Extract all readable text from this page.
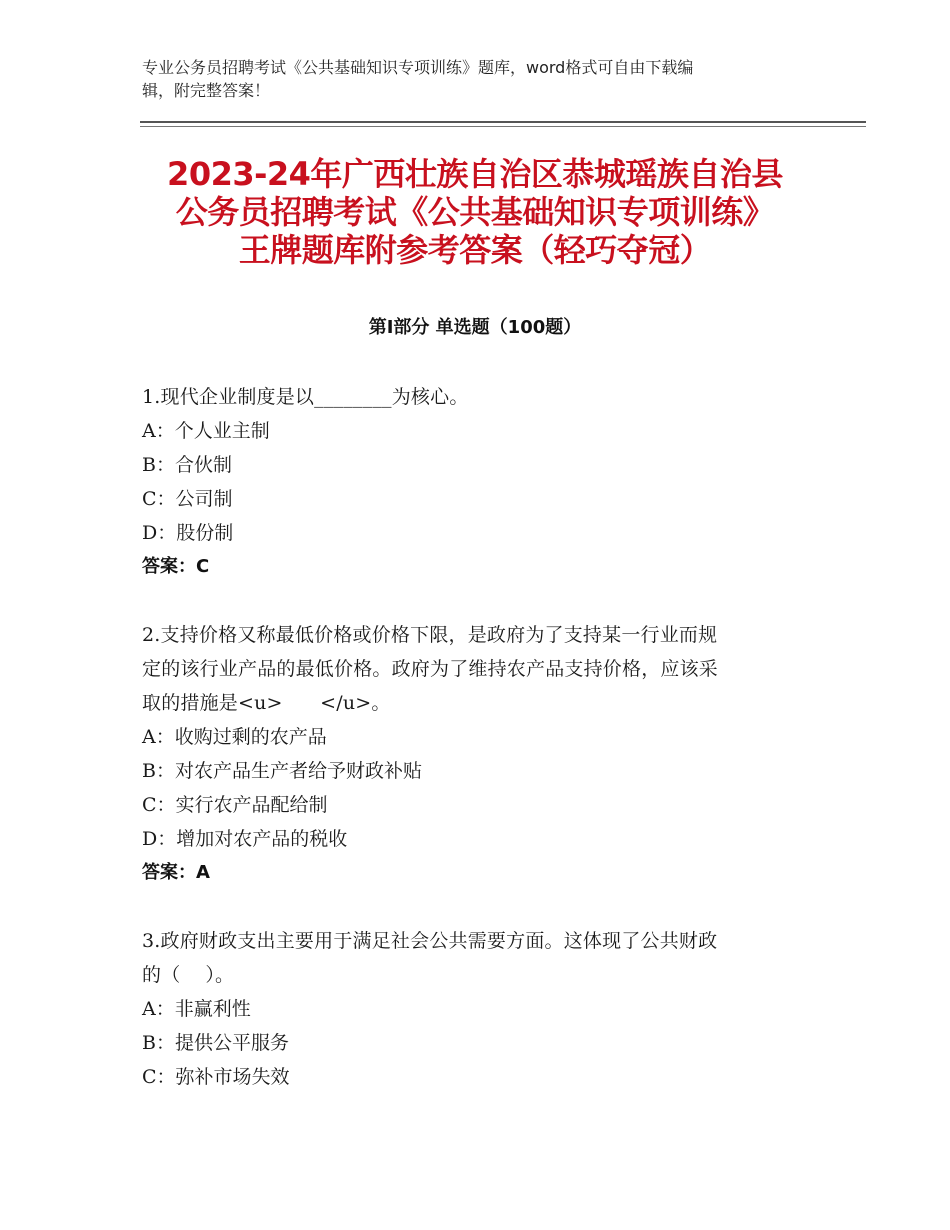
专业公务员招聘考试《公共基础知识专项训练》题库，word格式可自由下载编
辑，附完整答案！
2023-24年广西壮族自治区恭城瑶族自治县
公务员招聘考试《公共基础知识专项训练》
王牌题库附参考答案（轻巧夺冠）
第Ⅰ部分 单选题（100题）
1.现代企业制度是以________为核心。
A：个人业主制
B：合伙制
C：公司制
D：股份制
答案：C
2.支持价格又称最低价格或价格下限，是政府为了支持某一行业而规
定的该行业产品的最低价格。政府为了维持农产品支持价格，应该采
取的措施是<u>      </u>。
A：收购过剩的农产品
B：对农产品生产者给予财政补贴
C：实行农产品配给制
D：增加对农产品的税收
答案：A
3.政府财政支出主要用于满足社会公共需要方面。这体现了公共财政
的（    ）。
A：非赢利性
B：提供公平服务
C：弥补市场失效
